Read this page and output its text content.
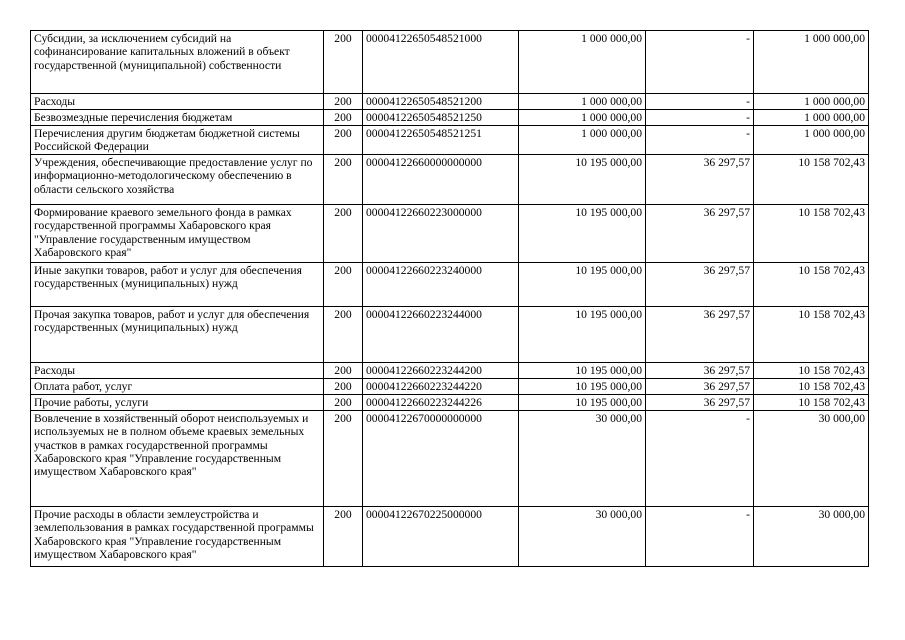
Субсидии, за исключением субсидий на софинансирование капитальных вложений в объект государственной (муниципальной) собственности	200	00004122650548521000	1 000 000,00	-	1 000 000,00
Расходы	200	00004122650548521200	1 000 000,00	-	1 000 000,00
Безвозмездные перечисления бюджетам	200	00004122650548521250	1 000 000,00	-	1 000 000,00
Перечисления другим бюджетам бюджетной системы Российской Федерации	200	00004122650548521251	1 000 000,00	-	1 000 000,00
Учреждения, обеспечивающие предоставление услуг по информационно-методологическому обеспечению в области сельского хозяйства	200	00004122660000000000	10 195 000,00	36 297,57	10 158 702,43
Формирование краевого земельного фонда в рамках государственной программы Хабаровского края "Управление государственным имуществом Хабаровского края"	200	00004122660223000000	10 195 000,00	36 297,57	10 158 702,43
Иные закупки товаров, работ и услуг для обеспечения государственных (муниципальных) нужд	200	00004122660223240000	10 195 000,00	36 297,57	10 158 702,43
Прочая закупка товаров, работ и услуг для обеспечения государственных (муниципальных) нужд	200	00004122660223244000	10 195 000,00	36 297,57	10 158 702,43
Расходы	200	00004122660223244200	10 195 000,00	36 297,57	10 158 702,43
Оплата работ, услуг	200	00004122660223244220	10 195 000,00	36 297,57	10 158 702,43
Прочие работы, услуги	200	00004122660223244226	10 195 000,00	36 297,57	10 158 702,43
Вовлечение в хозяйственный оборот неиспользуемых и используемых не в полном объеме краевых земельных участков в рамках государственной программы Хабаровского края "Управление государственным имуществом Хабаровского края"	200	00004122670000000000	30 000,00	-	30 000,00
Прочие расходы в области землеустройства и землепользования в рамках государственной программы Хабаровского края "Управление государственным имуществом Хабаровского края"	200	00004122670225000000	30 000,00	-	30 000,00
